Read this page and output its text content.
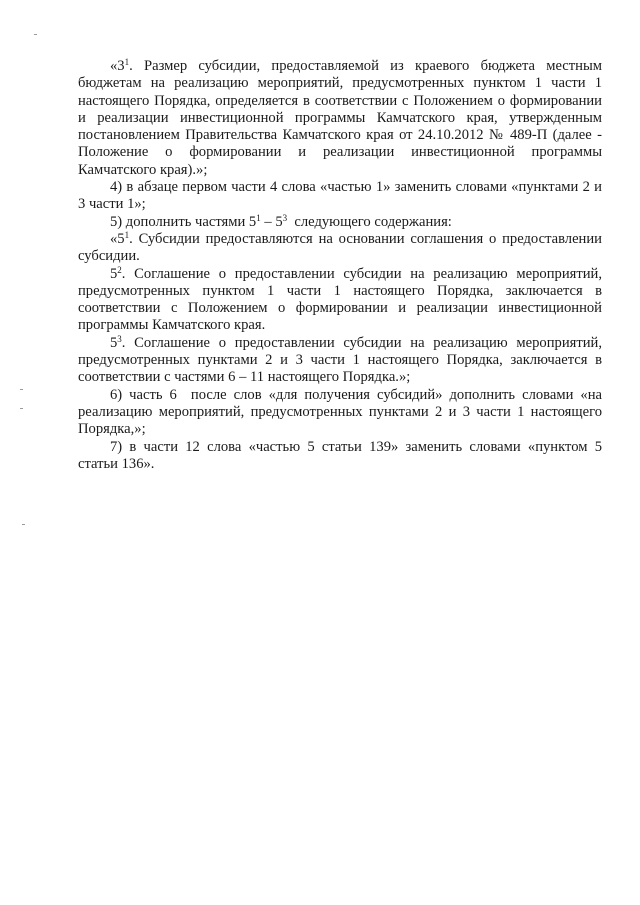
«$3^1$. Размер субсидии, предоставляемой из краевого бюджета местным бюджетам на реализацию мероприятий, предусмотренных пунктом 1 части 1 настоящего Порядка, определяется в соответствии с Положением о формировании и реализации инвестиционной программы Камчатского края, утвержденным постановлением Правительства Камчатского края от 24.10.2012 № 489-П (далее - Положение о формировании и реализации инвестиционной программы Камчатского края).»;

4) в абзаце первом части 4 слова «частью 1» заменить словами «пунктами 2 и 3 части 1»;

5) дополнить частями $5^1 - 5^3$  следующего содержания:

«$5^1$. Субсидии предоставляются на основании соглашения о предоставлении субсидии.

$5^2$. Соглашение о предоставлении субсидии на реализацию мероприятий, предусмотренных пунктом 1 части 1 настоящего Порядка, заключается в соответствии с Положением о формировании и реализации инвестиционной программы Камчатского края.

$5^3$. Соглашение о предоставлении субсидии на реализацию мероприятий, предусмотренных пунктами 2 и 3 части 1 настоящего Порядка, заключается в соответствии с частями 6 – 11 настоящего Порядка.»;

6) часть 6  после слов «для получения субсидий» дополнить словами «на реализацию мероприятий, предусмотренных пунктами 2 и 3 части 1 настоящего Порядка,»;

7) в части 12 слова «частью 5 статьи 139» заменить словами «пунктом 5 статьи 136».
